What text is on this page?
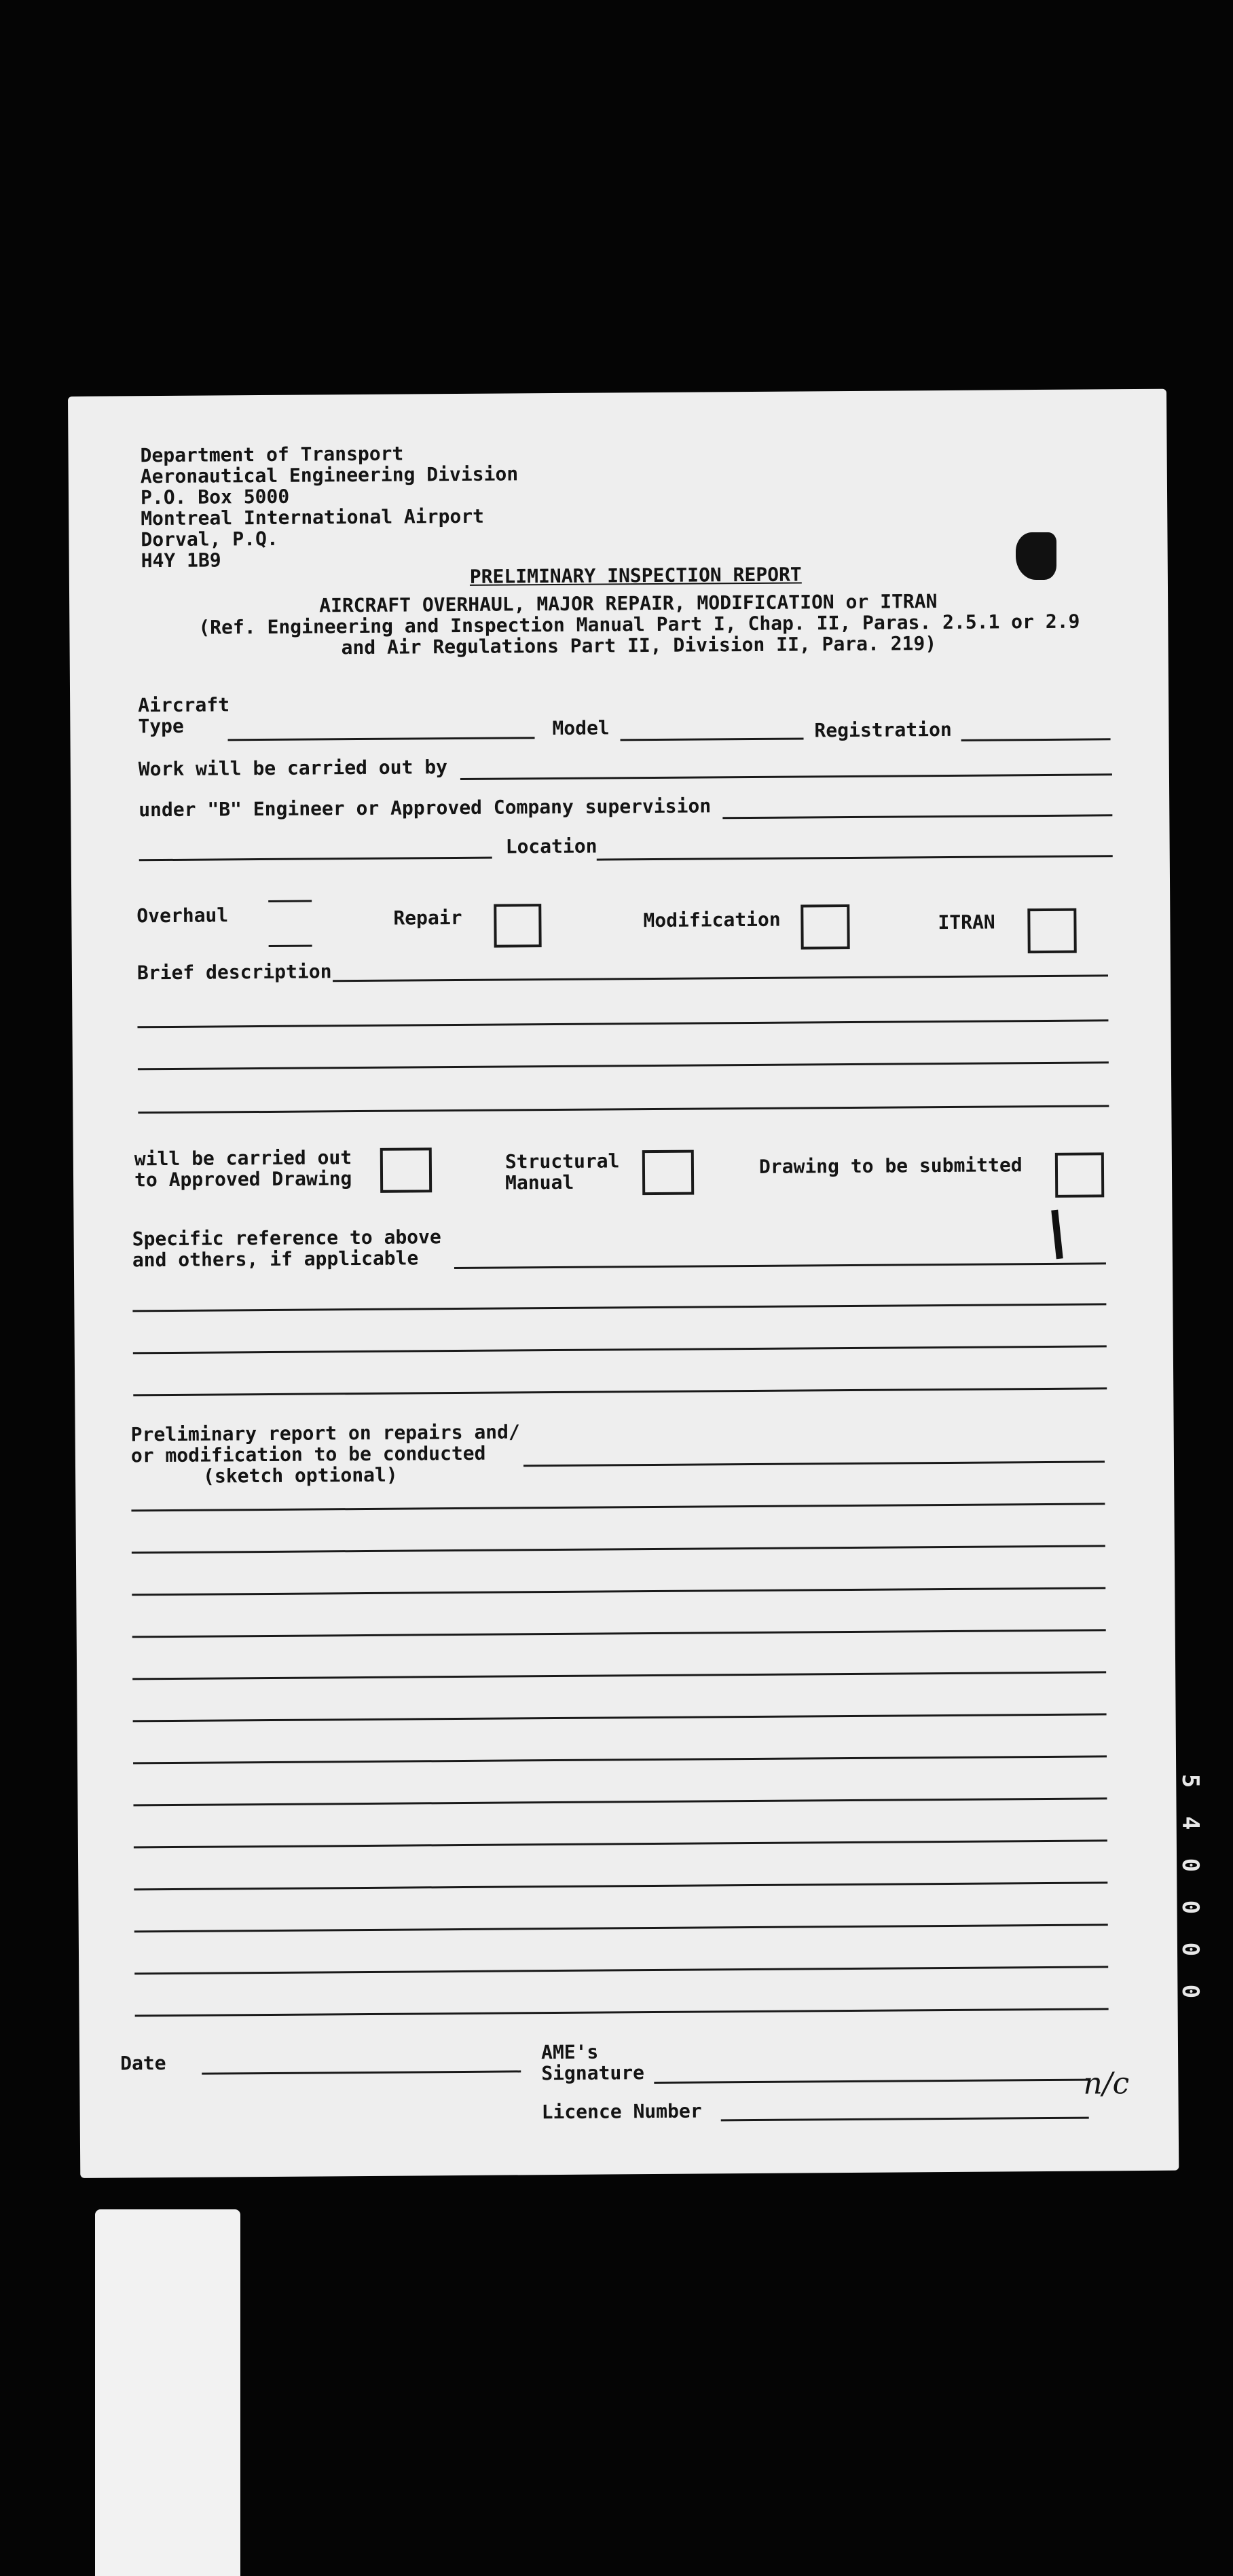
Department of Transport
Aeronautical Engineering Division
P.O. Box 5000
Montreal International Airport
Dorval, P.Q.
H4Y 1B9
PRELIMINARY INSPECTION REPORT
AIRCRAFT OVERHAUL, MAJOR REPAIR, MODIFICATION or ITRAN
(Ref. Engineering and Inspection Manual Part I, Chap. II, Paras. 2.5.1 or 2.9
and Air Regulations Part II, Division II, Para. 219)
Aircraft
Type	Model	Registration
Work will be carried out by
under "B" Engineer or Approved Company supervision
Location
Overhaul	Repair	Modification	ITRAN
Brief description
will be carried out
to Approved Drawing
Structural
Manual
Drawing to be submitted
Specific reference to above
and others, if applicable
Preliminary report on repairs and/
or modification to be conducted
(sketch optional)
Date	AME's
Signature
Licence Number
n/c
5
4
0
0
0
0
